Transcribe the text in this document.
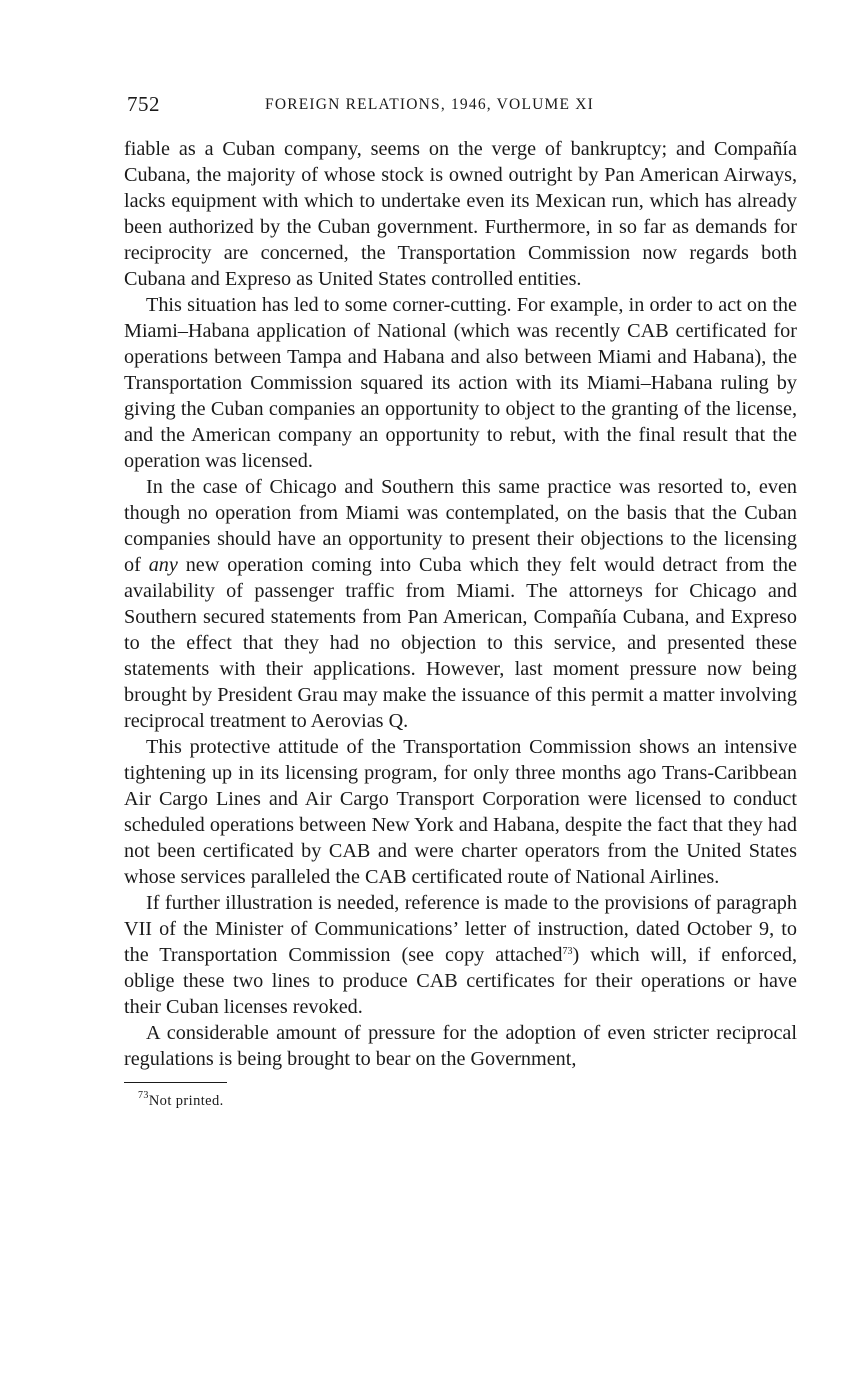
752	FOREIGN RELATIONS, 1946, VOLUME XI

fiable as a Cuban company, seems on the verge of bankruptcy; and Compañía Cubana, the majority of whose stock is owned outright by Pan American Airways, lacks equipment with which to undertake even its Mexican run, which has already been authorized by the Cuban government. Furthermore, in so far as demands for reciprocity are concerned, the Transportation Commission now regards both Cubana and Expreso as United States controlled entities.

This situation has led to some corner-cutting. For example, in order to act on the Miami–Habana application of National (which was recently CAB certificated for operations between Tampa and Habana and also between Miami and Habana), the Transportation Commission squared its action with its Miami–Habana ruling by giving the Cuban companies an opportunity to object to the granting of the license, and the American company an opportunity to rebut, with the final result that the operation was licensed.

In the case of Chicago and Southern this same practice was resorted to, even though no operation from Miami was contemplated, on the basis that the Cuban companies should have an opportunity to present their objections to the licensing of any new operation coming into Cuba which they felt would detract from the availability of passenger traffic from Miami. The attorneys for Chicago and Southern secured statements from Pan American, Compañía Cubana, and Expreso to the effect that they had no objection to this service, and presented these statements with their applications. However, last moment pressure now being brought by President Grau may make the issuance of this permit a matter involving reciprocal treatment to Aerovias Q.

This protective attitude of the Transportation Commission shows an intensive tightening up in its licensing program, for only three months ago Trans-Caribbean Air Cargo Lines and Air Cargo Transport Corporation were licensed to conduct scheduled operations between New York and Habana, despite the fact that they had not been certificated by CAB and were charter operators from the United States whose services paralleled the CAB certificated route of National Airlines.

If further illustration is needed, reference is made to the provisions of paragraph VII of the Minister of Communications’ letter of instruction, dated October 9, to the Transportation Commission (see copy attached$^{73}$) which will, if enforced, oblige these two lines to produce CAB certificates for their operations or have their Cuban licenses revoked.

A considerable amount of pressure for the adoption of even stricter reciprocal regulations is being brought to bear on the Government,

$^{73}$Not printed.
